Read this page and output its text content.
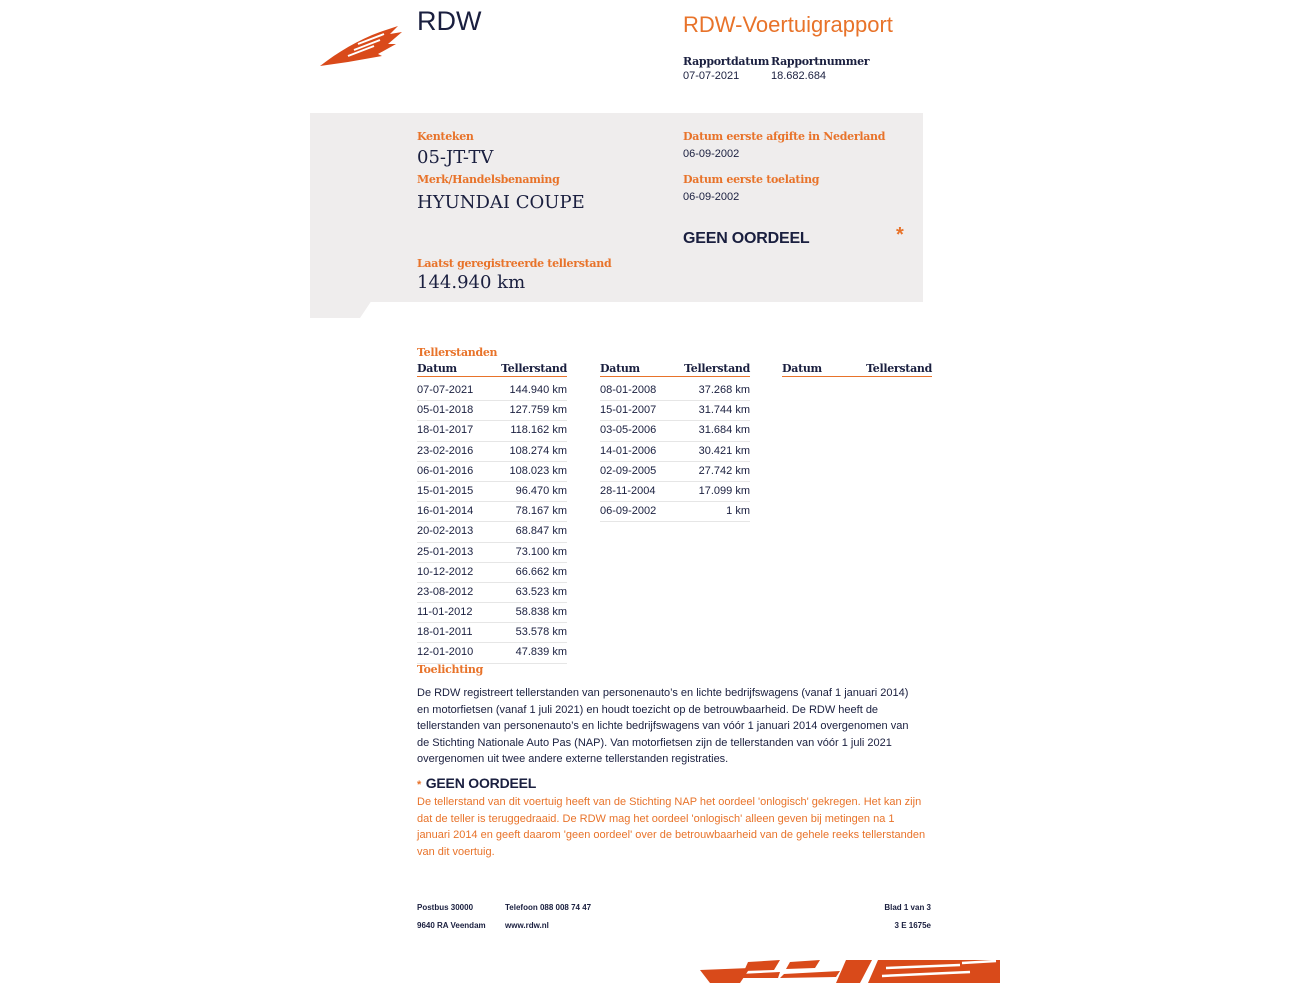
RDW	RDW-Voertuigrapport
Rapportdatum
07-07-2021
Rapportnummer
18.682.684
Kenteken
05-JT-TV
Merk/Handelsbenaming
HYUNDAI COUPE
Datum eerste afgifte in Nederland
06-09-2002
Datum eerste toelating
06-09-2002
GEEN OORDEEL	*
Laatst geregistreerde tellerstand
144.940 km
Tellerstanden
Datum	Tellerstand
07-07-2021	144.940 km
05-01-2018	127.759 km
18-01-2017	118.162 km
23-02-2016	108.274 km
06-01-2016	108.023 km
15-01-2015	96.470 km
16-01-2014	78.167 km
20-02-2013	68.847 km
25-01-2013	73.100 km
10-12-2012	66.662 km
23-08-2012	63.523 km
11-01-2012	58.838 km
18-01-2011	53.578 km
12-01-2010	47.839 km
Datum	Tellerstand
08-01-2008	37.268 km
15-01-2007	31.744 km
03-05-2006	31.684 km
14-01-2006	30.421 km
02-09-2005	27.742 km
28-11-2004	17.099 km
06-09-2002	1 km
Datum	Tellerstand
Toelichting
De RDW registreert tellerstanden van personenauto’s en lichte bedrijfswagens (vanaf 1 januari 2014) en motorfietsen (vanaf 1 juli 2021) en houdt toezicht op de betrouwbaarheid. De RDW heeft de tellerstanden van personenauto’s en lichte bedrijfswagens van vóór 1 januari 2014 overgenomen van de Stichting Nationale Auto Pas (NAP). Van motorfietsen zijn de tellerstanden van vóór 1 juli 2021 overgenomen uit twee andere externe tellerstanden registraties.
* GEEN OORDEEL
De tellerstand van dit voertuig heeft van de Stichting NAP het oordeel 'onlogisch' gekregen. Het kan zijn dat de teller is teruggedraaid. De RDW mag het oordeel 'onlogisch' alleen geven bij metingen na 1 januari 2014 en geeft daarom 'geen oordeel' over de betrouwbaarheid van de gehele reeks tellerstanden van dit voertuig.
Postbus 30000
9640 RA Veendam
Telefoon 088 008 74 47
www.rdw.nl
Blad 1 van 3
3 E 1675e
